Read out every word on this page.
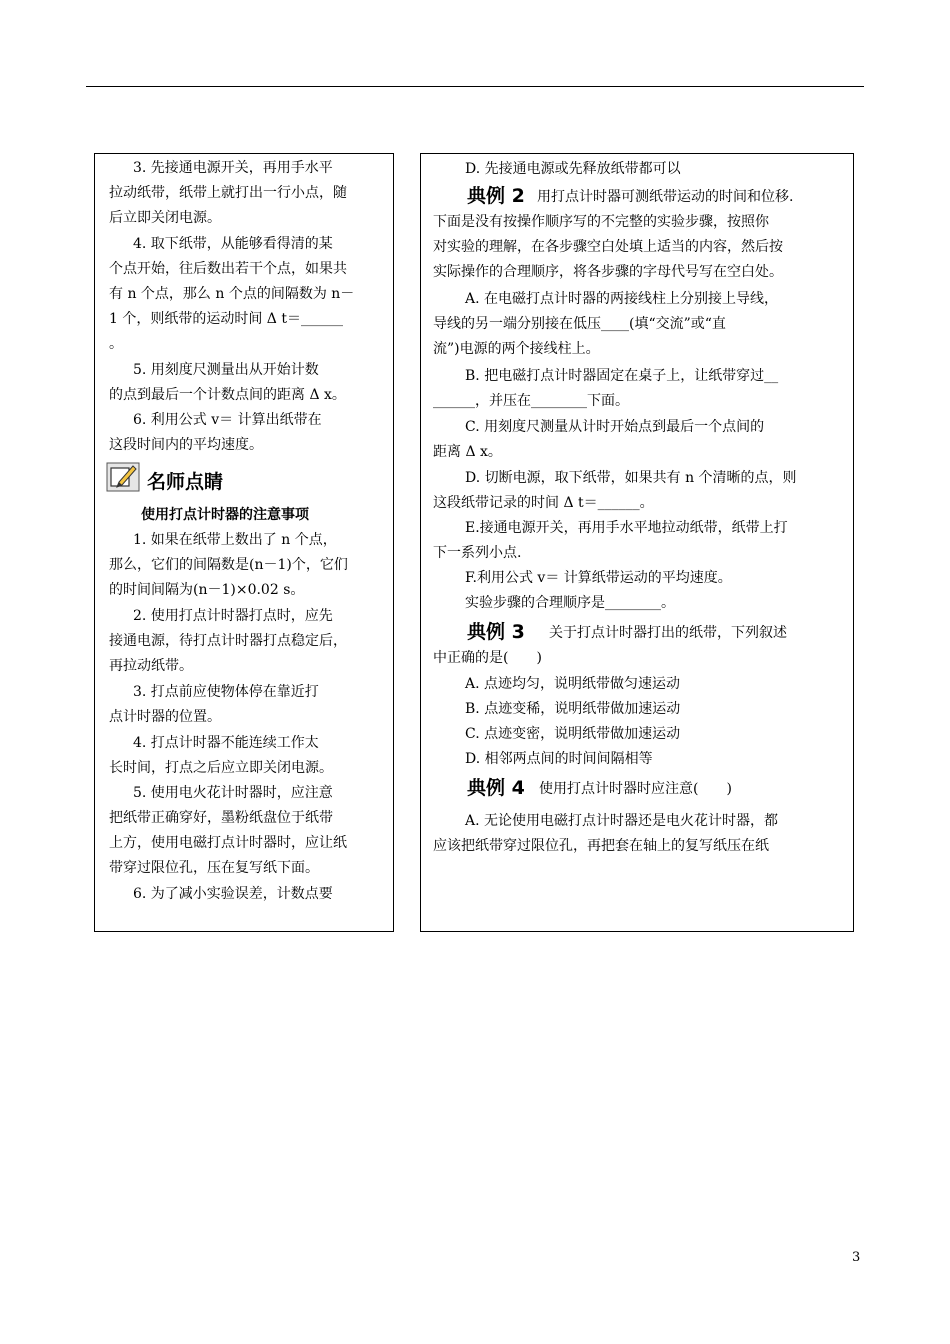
3. 先接通电源开关，再用手水平
拉动纸带，纸带上就打出一行小点，随
后立即关闭电源。
4. 取下纸带，从能够看得清的某
个点开始，往后数出若干个点，如果共
有 n 个点，那么 n 个点的间隔数为 n－
1 个，则纸带的运动时间 Δ t＝______
。
5. 用刻度尺测量出从开始计数
的点到最后一个计数点间的距离 Δ x。
6. 利用公式 v＝ 计算出纸带在
这段时间内的平均速度。
名师点睛
使用打点计时器的注意事项
1. 如果在纸带上数出了 n 个点，
那么，它们的间隔数是(n－1)个，它们
的时间间隔为(n－1)×0.02 s。
2. 使用打点计时器打点时，应先
接通电源，待打点计时器打点稳定后，
再拉动纸带。
3. 打点前应使物体停在靠近打
点计时器的位置。
4. 打点计时器不能连续工作太
长时间，打点之后应立即关闭电源。
5. 使用电火花计时器时，应注意
把纸带正确穿好，墨粉纸盘位于纸带
上方，使用电磁打点计时器时，应让纸
带穿过限位孔，压在复写纸下面。
6. 为了减小实验误差，计数点要
D. 先接通电源或先释放纸带都可以
典例 2 用打点计时器可测纸带运动的时间和位移.
下面是没有按操作顺序写的不完整的实验步骤，按照你
对实验的理解，在各步骤空白处填上适当的内容，然后按
实际操作的合理顺序，将各步骤的字母代号写在空白处。
A. 在电磁打点计时器的两接线柱上分别接上导线，
导线的另一端分别接在低压____(填“交流”或“直
流”)电源的两个接线柱上。
B. 把电磁打点计时器固定在桌子上，让纸带穿过__
______，并压在________下面。
C. 用刻度尺测量从计时开始点到最后一个点间的
距离 Δ x。
D. 切断电源，取下纸带，如果共有 n 个清晰的点，则
这段纸带记录的时间 Δ t＝______。
E.接通电源开关，再用手水平地拉动纸带，纸带上打
下一系列小点.
F.利用公式 v＝ 计算纸带运动的平均速度。
实验步骤的合理顺序是________。
典例 3 关于打点计时器打出的纸带，下列叙述
中正确的是(　　)
A. 点迹均匀，说明纸带做匀速运动
B. 点迹变稀，说明纸带做加速运动
C. 点迹变密，说明纸带做加速运动
D. 相邻两点间的时间间隔相等
典例 4 使用打点计时器时应注意(　　)
A. 无论使用电磁打点计时器还是电火花计时器，都
应该把纸带穿过限位孔，再把套在轴上的复写纸压在纸
3
